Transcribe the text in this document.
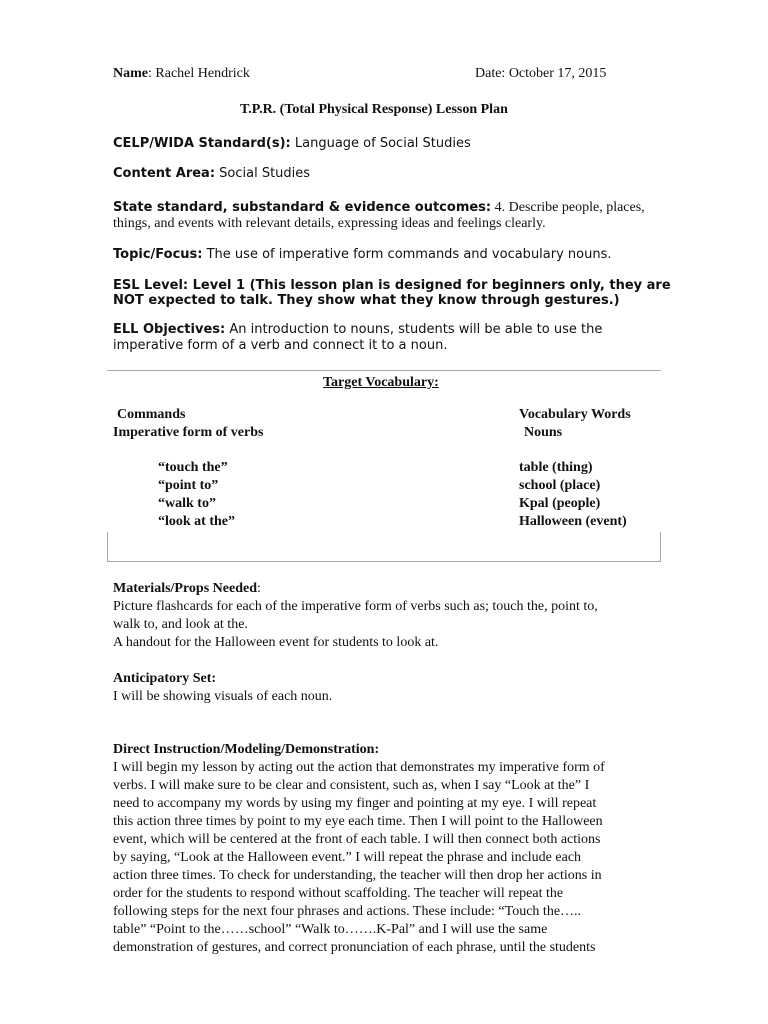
Name: Rachel Hendrick	Date: October 17, 2015
T.P.R. (Total Physical Response) Lesson Plan
CELP/WIDA Standard(s): Language of Social Studies
Content Area: Social Studies
State standard, substandard & evidence outcomes: 4. Describe people, places,
things, and events with relevant details, expressing ideas and feelings clearly.
Topic/Focus: The use of imperative form commands and vocabulary nouns.
ESL Level: Level 1 (This lesson plan is designed for beginners only, they are
NOT expected to talk. They show what they know through gestures.)
ELL Objectives: An introduction to nouns, students will be able to use the
imperative form of a verb and connect it to a noun.
Target Vocabulary:
Commands
Imperative form of verbs
Vocabulary Words
Nouns
“touch the”
“point to”
“walk to”
“look at the”
table (thing)
school (place)
Kpal (people)
Halloween (event)
Materials/Props Needed:
Picture flashcards for each of the imperative form of verbs such as; touch the, point to,
walk to, and look at the.
A handout for the Halloween event for students to look at.
Anticipatory Set:
I will be showing visuals of each noun.
Direct Instruction/Modeling/Demonstration:
I will begin my lesson by acting out the action that demonstrates my imperative form of
verbs. I will make sure to be clear and consistent, such as, when I say “Look at the” I
need to accompany my words by using my finger and pointing at my eye. I will repeat
this action three times by point to my eye each time. Then I will point to the Halloween
event, which will be centered at the front of each table. I will then connect both actions
by saying, “Look at the Halloween event.” I will repeat the phrase and include each
action three times. To check for understanding, the teacher will then drop her actions in
order for the students to respond without scaffolding. The teacher will repeat the
following steps for the next four phrases and actions. These include: “Touch the…..
table” “Point to the……school” “Walk to…….K-Pal” and I will use the same
demonstration of gestures, and correct pronunciation of each phrase, until the students
